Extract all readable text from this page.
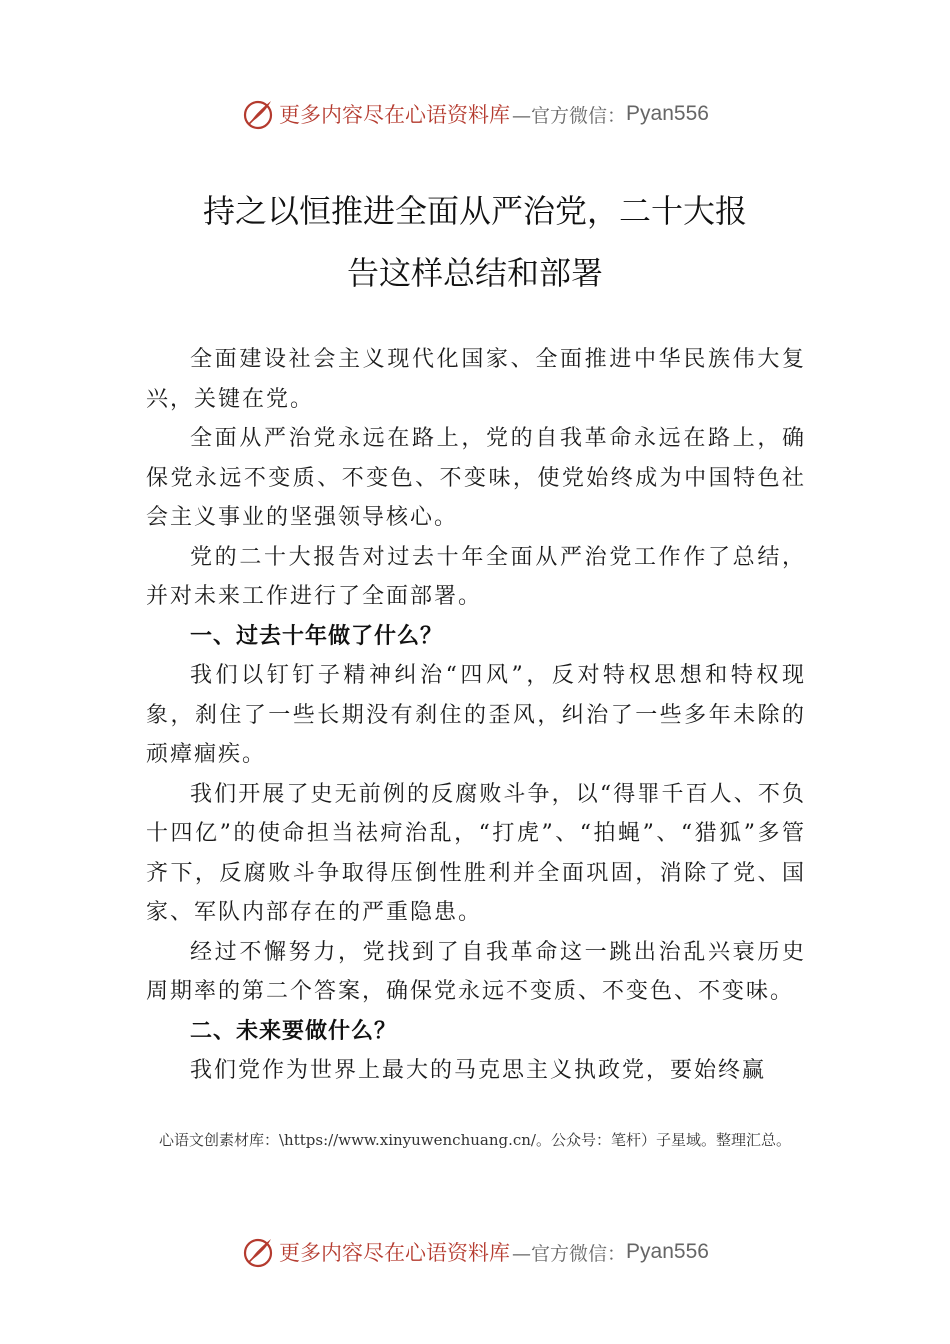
更多内容尽在心语资料库 —官方微信： Pyan556
持之以恒推进全面从严治党，二十大报
告这样总结和部署

全面建设社会主义现代化国家、全面推进中华民族伟大复兴，关键在党。

全面从严治党永远在路上，党的自我革命永远在路上，确保党永远不变质、不变色、不变味，使党始终成为中国特色社会主义事业的坚强领导核心。

党的二十大报告对过去十年全面从严治党工作作了总结，并对未来工作进行了全面部署。

一、过去十年做了什么？

我们以钉钉子精神纠治“四风”，反对特权思想和特权现象，刹住了一些长期没有刹住的歪风，纠治了一些多年未除的顽瘴痼疾。

我们开展了史无前例的反腐败斗争，以“得罪千百人、不负十四亿”的使命担当祛疴治乱，“打虎”、“拍蝇”、“猎狐”多管齐下，反腐败斗争取得压倒性胜利并全面巩固，消除了党、国家、军队内部存在的严重隐患。

经过不懈努力，党找到了自我革命这一跳出治乱兴衰历史周期率的第二个答案，确保党永远不变质、不变色、不变味。

二、未来要做什么？

我们党作为世界上最大的马克思主义执政党，要始终赢

心语文创素材库：\https://www.xinyuwenchuang.cn/。公众号：笔杆）子星域。整理汇总。
更多内容尽在心语资料库 —官方微信： Pyan556
